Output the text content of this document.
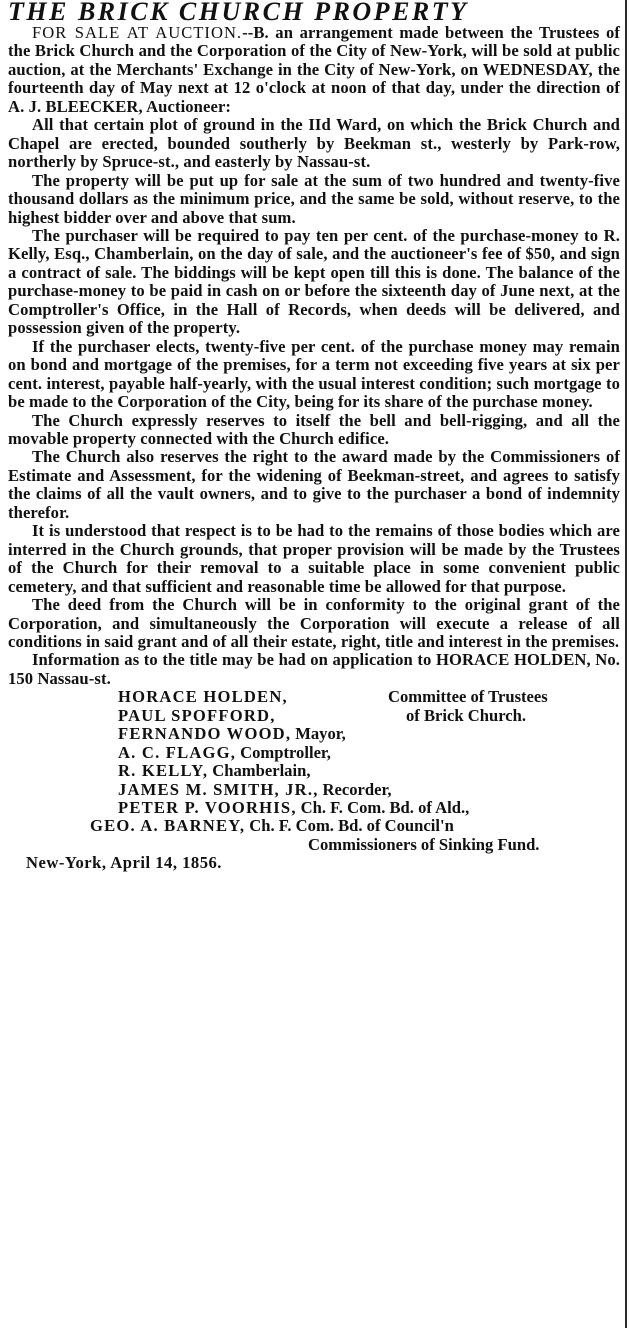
THE BRICK CHURCH PROPERTY

FOR SALE AT AUCTION.--B. an arrangement made between the Trustees of the Brick Church and the Corporation of the City of New-York, will be sold at public auction, at the Merchants' Exchange in the City of New-York, on WEDNESDAY, the fourteenth day of May next at 12 o'clock at noon of that day, under the direction of A. J. BLEECKER, Auctioneer:

All that certain plot of ground in the IId Ward, on which the Brick Church and Chapel are erected, bounded southerly by Beekman st., westerly by Park-row, northerly by Spruce-st., and easterly by Nassau-st.

The property will be put up for sale at the sum of two hundred and twenty-five thousand dollars as the minimum price, and the same be sold, without reserve, to the highest bidder over and above that sum.

The purchaser will be required to pay ten per cent. of the purchase-money to R. Kelly, Esq., Chamberlain, on the day of sale, and the auctioneer's fee of $50, and sign a contract of sale. The biddings will be kept open till this is done. The balance of the purchase-money to be paid in cash on or before the sixteenth day of June next, at the Comptroller's Office, in the Hall of Records, when deeds will be delivered, and possession given of the property.

If the purchaser elects, twenty-five per cent. of the purchase money may remain on bond and mortgage of the premises, for a term not exceeding five years at six per cent. interest, payable half-yearly, with the usual interest condition; such mortgage to be made to the Corporation of the City, being for its share of the purchase money.

The Church expressly reserves to itself the bell and bell-rigging, and all the movable property connected with the Church edifice.

The Church also reserves the right to the award made by the Commissioners of Estimate and Assessment, for the widening of Beekman-street, and agrees to satisfy the claims of all the vault owners, and to give to the purchaser a bond of indemnity therefor.

It is understood that respect is to be had to the remains of those bodies which are interred in the Church grounds, that proper provision will be made by the Trustees of the Church for their removal to a suitable place in some convenient public cemetery, and that sufficient and reasonable time be allowed for that purpose.

The deed from the Church will be in conformity to the original grant of the Corporation, and simultaneously the Corporation will execute a release of all conditions in said grant and of all their estate, right, title and interest in the premises.

Information as to the title may be had on application to HORACE HOLDEN, No. 150 Nassau-st.

HORACE HOLDEN,	Committee of Trustees
PAUL SPOFFORD,	of Brick Church.
FERNANDO WOOD, Mayor,
A. C. FLAGG, Comptroller,
R. KELLY, Chamberlain,
JAMES M. SMITH, JR., Recorder,
PETER P. VOORHIS, Ch. F. Com. Bd. of Ald.,
GEO. A. BARNEY, Ch. F. Com. Bd. of Council'n
Commissioners of Sinking Fund.

New-York, April 14, 1856.
